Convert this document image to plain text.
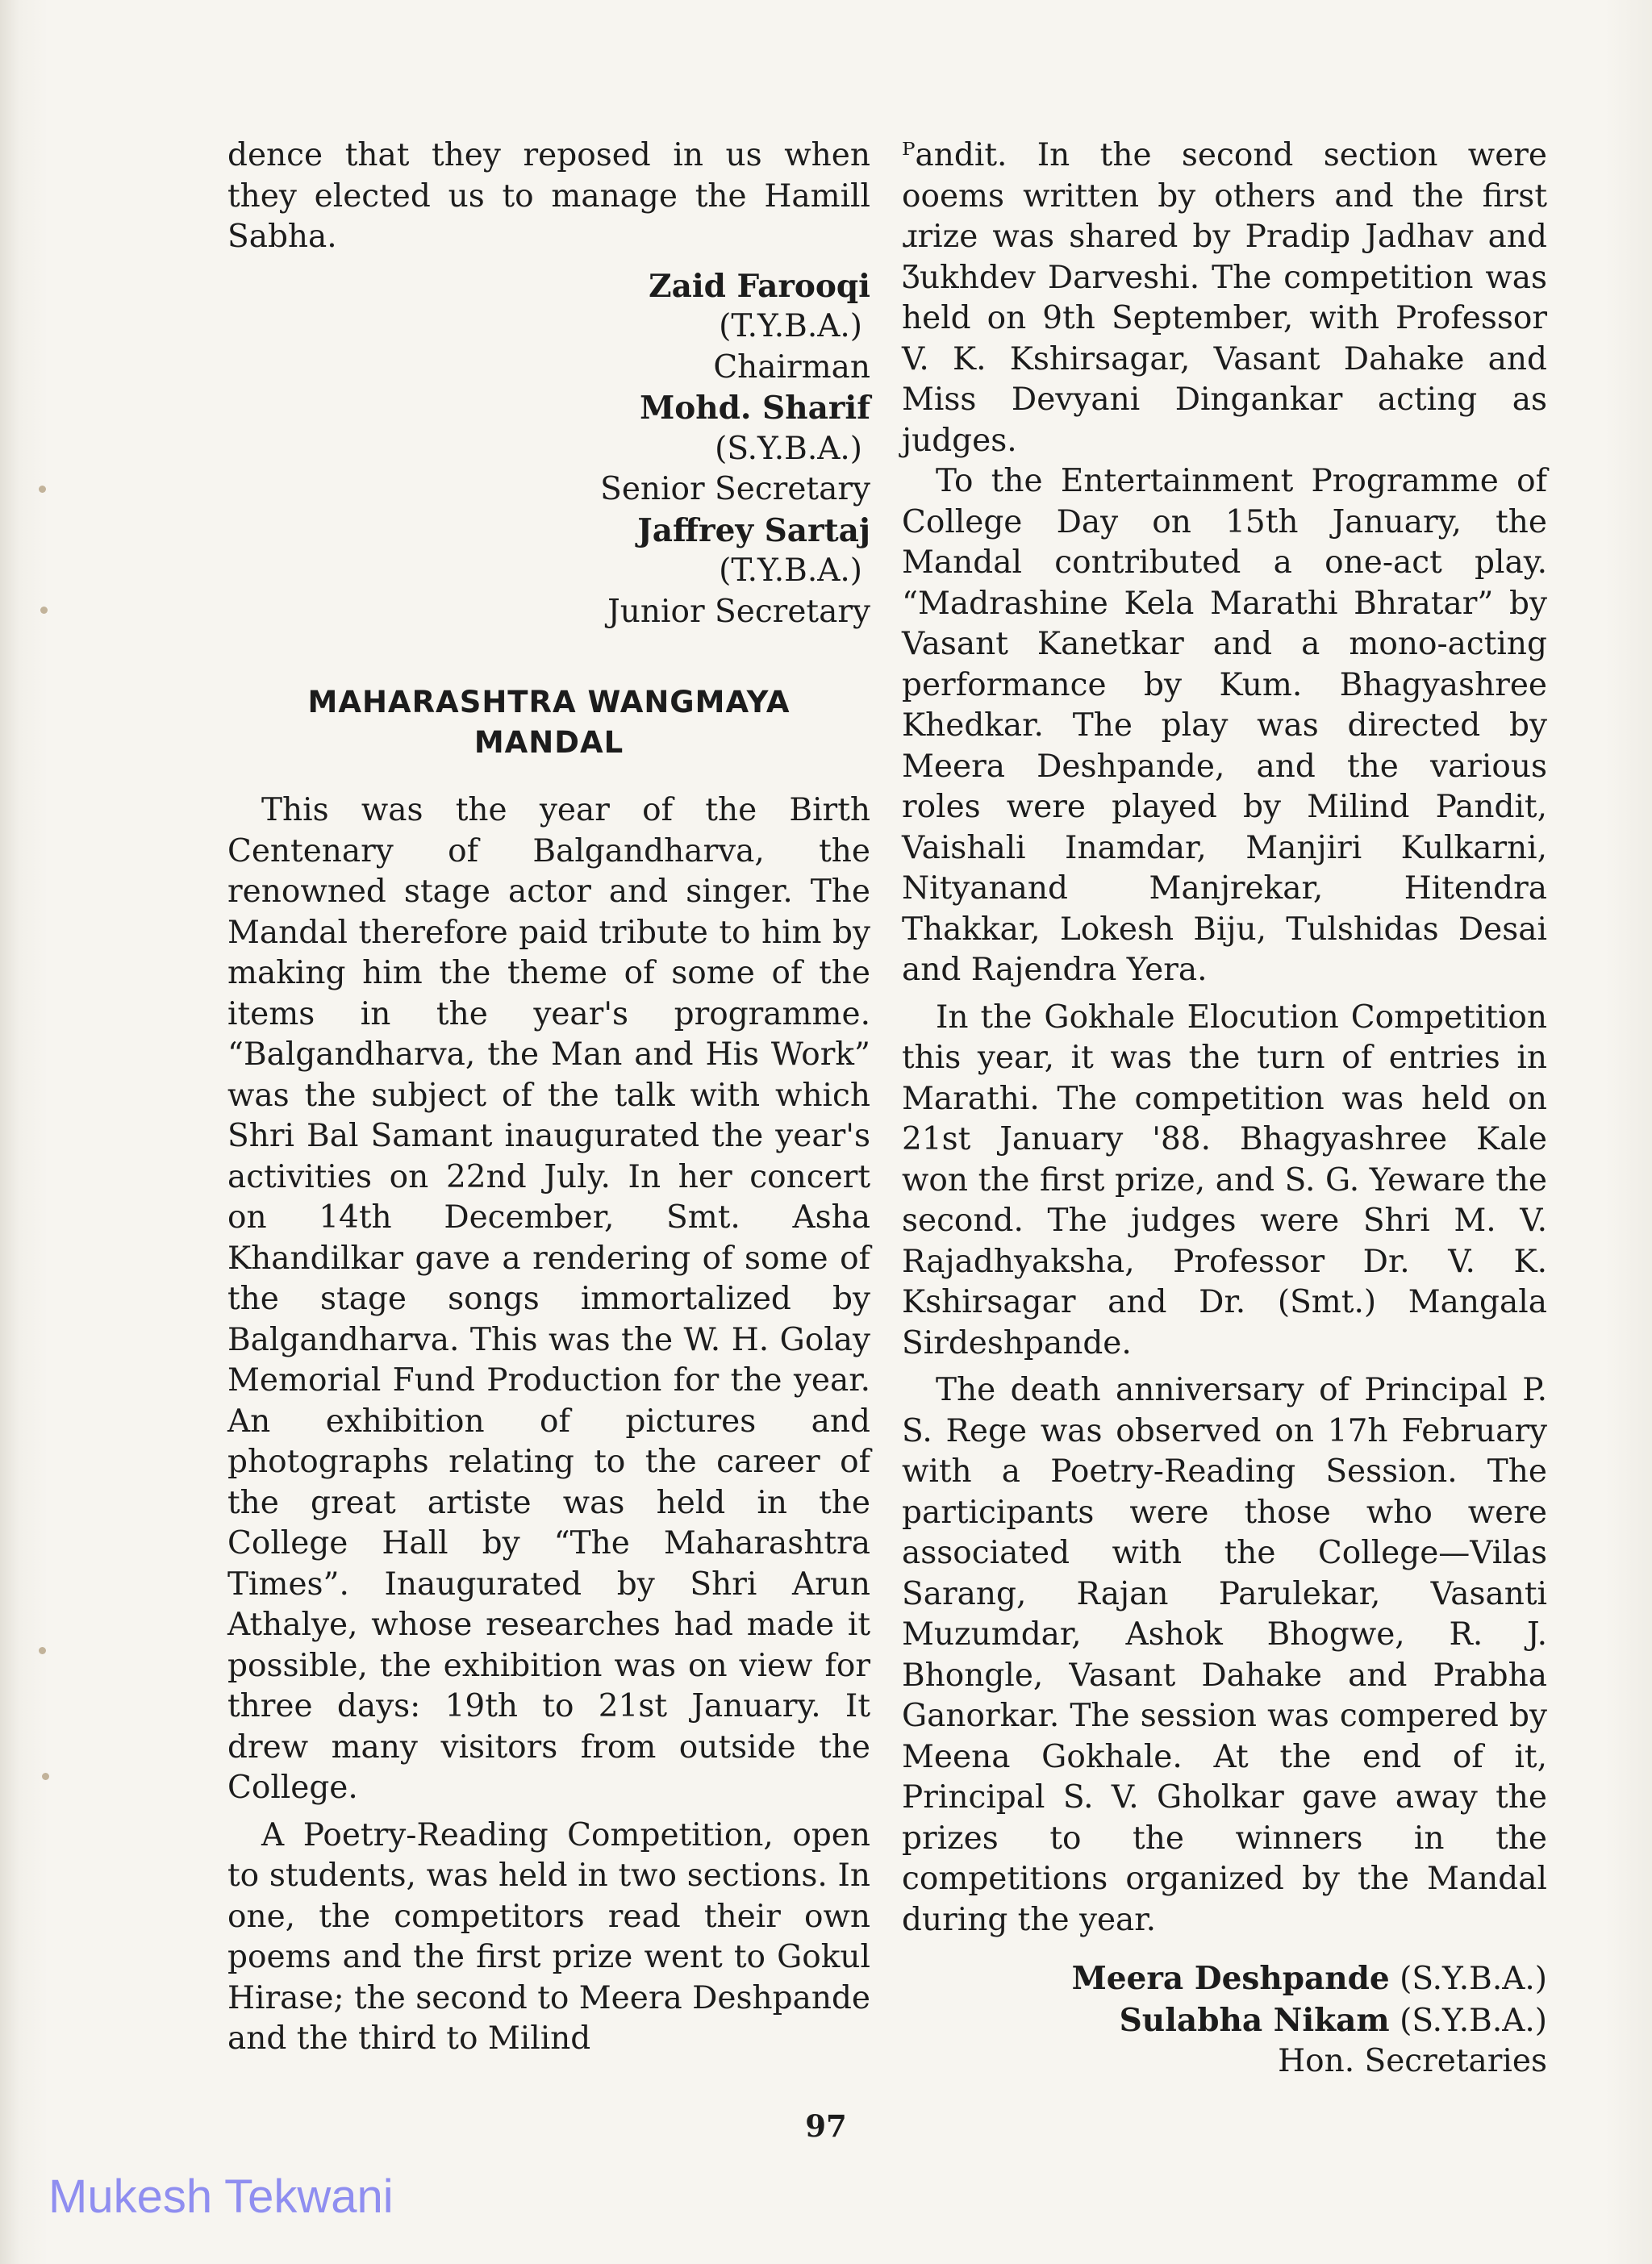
dence that they reposed in us when they elected us to manage the Hamill Sabha.

Zaid Farooqi
(T.Y.B.A.)
Chairman
Mohd. Sharif
(S.Y.B.A.)
Senior Secretary
Jaffrey Sartaj
(T.Y.B.A.)
Junior Secretary
MAHARASHTRA WANGMAYA
MANDAL

This was the year of the Birth Centenary of Balgandharva, the renowned stage actor and singer. The Mandal therefore paid tribute to him by making him the theme of some of the items in the year's programme. “Balgandharva, the Man and His Work” was the subject of the talk with which Shri Bal Samant inaugurated the year's activities on 22nd July. In her concert on 14th December, Smt. Asha Khandilkar gave a rendering of some of the stage songs immortalized by Balgandharva. This was the W. H. Golay Memorial Fund Production for the year. An exhibition of pictures and photographs relating to the career of the great artiste was held in the College Hall by “The Maharashtra Times”. Inaugurated by Shri Arun Athalye, whose researches had made it possible, the exhibition was on view for three days: 19th to 21st January. It drew many visitors from outside the College.

A Poetry-Reading Competition, open to students, was held in two sections. In one, the competitors read their own poems and the first prize went to Gokul Hirase; the second to Meera Deshpande and the third to Milind

ᴾandit. In the second section were ᴏoems written by others and the first ɹrize was shared by Pradip Jadhav and Ʒukhdev Darveshi. The competition was held on 9th September, with Professor V. K. Kshirsagar, Vasant Dahake and Miss Devyani Dingankar acting as judges.

To the Entertainment Programme of College Day on 15th January, the Mandal contributed a one-act play. “Madrashine Kela Marathi Bhratar” by Vasant Kanetkar and a mono-acting performance by Kum. Bhagyashree Khedkar. The play was directed by Meera Deshpande, and the various roles were played by Milind Pandit, Vaishali Inamdar, Manjiri Kulkarni, Nityanand Manjrekar, Hitendra Thakkar, Lokesh Biju, Tulshidas Desai and Rajendra Yera.

In the Gokhale Elocution Competition this year, it was the turn of entries in Marathi. The competition was held on 21st January '88. Bhagyashree Kale won the first prize, and S. G. Yeware the second. The judges were Shri M. V. Rajadhyaksha, Professor Dr. V. K. Kshirsagar and Dr. (Smt.) Mangala Sirdeshpande.

The death anniversary of Principal P. S. Rege was observed on 17h February with a Poetry-Reading Session. The participants were those who were associated with the College—Vilas Sarang, Rajan Parulekar, Vasanti Muzumdar, Ashok Bhogwe, R. J. Bhongle, Vasant Dahake and Prabha Ganorkar. The session was compered by Meena Gokhale. At the end of it, Principal S. V. Gholkar gave away the prizes to the winners in the competitions organized by the Mandal during the year.

Meera Deshpande (S.Y.B.A.)
Sulabha Nikam (S.Y.B.A.)
Hon. Secretaries
97
Mukesh Tekwani
